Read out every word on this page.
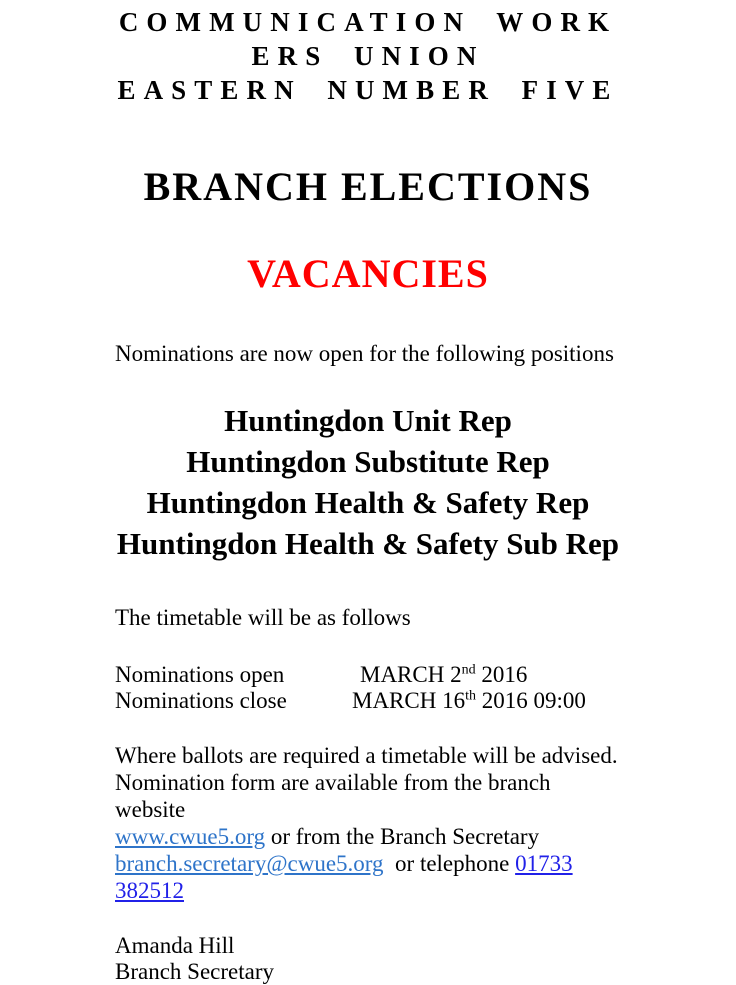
COMMUNICATION WORK
ERS UNION
EASTERN NUMBER FIVE
BRANCH ELECTIONS
VACANCIES

Nominations are now open for the following positions

Huntingdon Unit Rep
Huntingdon Substitute Rep
Huntingdon Health & Safety Rep
Huntingdon Health & Safety Sub Rep

The timetable will be as follows

Nominations open	MARCH 2nd 2016
Nominations close	MARCH 16th 2016 09:00
Where ballots are required a timetable will be advised.
Nomination form are available from the branch website
www.cwue5.org or from the Branch Secretary
branch.secretary@cwue5.org  or telephone 01733
382512
Amanda Hill
Branch Secretary
